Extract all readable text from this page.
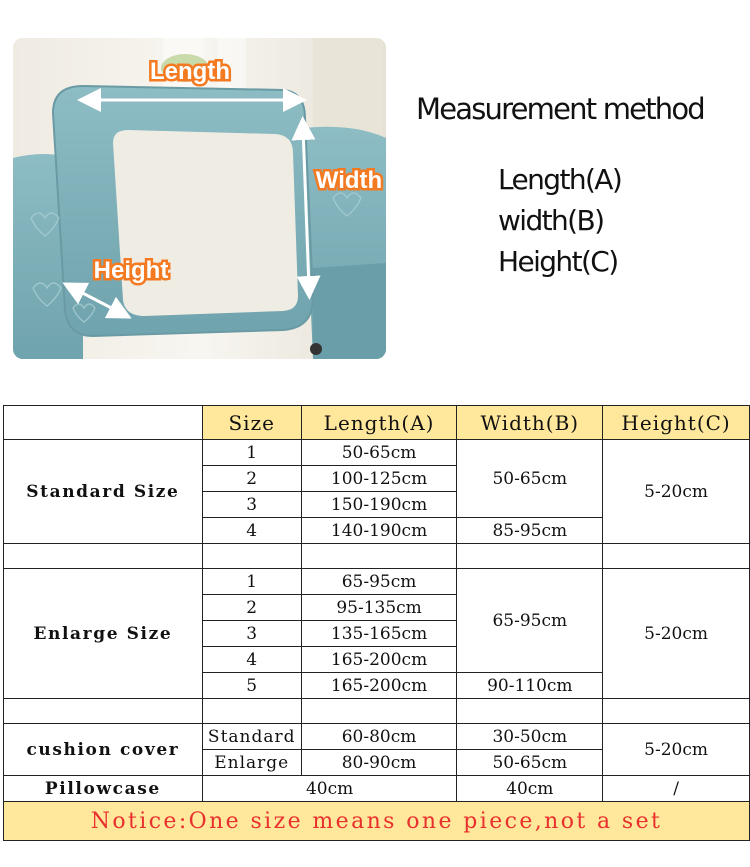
Length
Width
Height
Measurement method
Length(A)
width(B)
Height(C)
	Size	Length(A)	Width(B)	Height(C)
Standard Size	1	50-65cm	50-65cm	5-20cm
	2	100-125cm		
	3	150-190cm		
	4	140-190cm	85-95cm	

Enlarge Size	1	65-95cm	65-95cm	5-20cm
	2	95-135cm		
	3	135-165cm		
	4	165-200cm		
	5	165-200cm	90-110cm	

cushion cover	Standard	60-80cm	30-50cm	5-20cm
	Enlarge	80-90cm	50-65cm	
Pillowcase	40cm		40cm	/
Notice:One size means one piece,not a set				
